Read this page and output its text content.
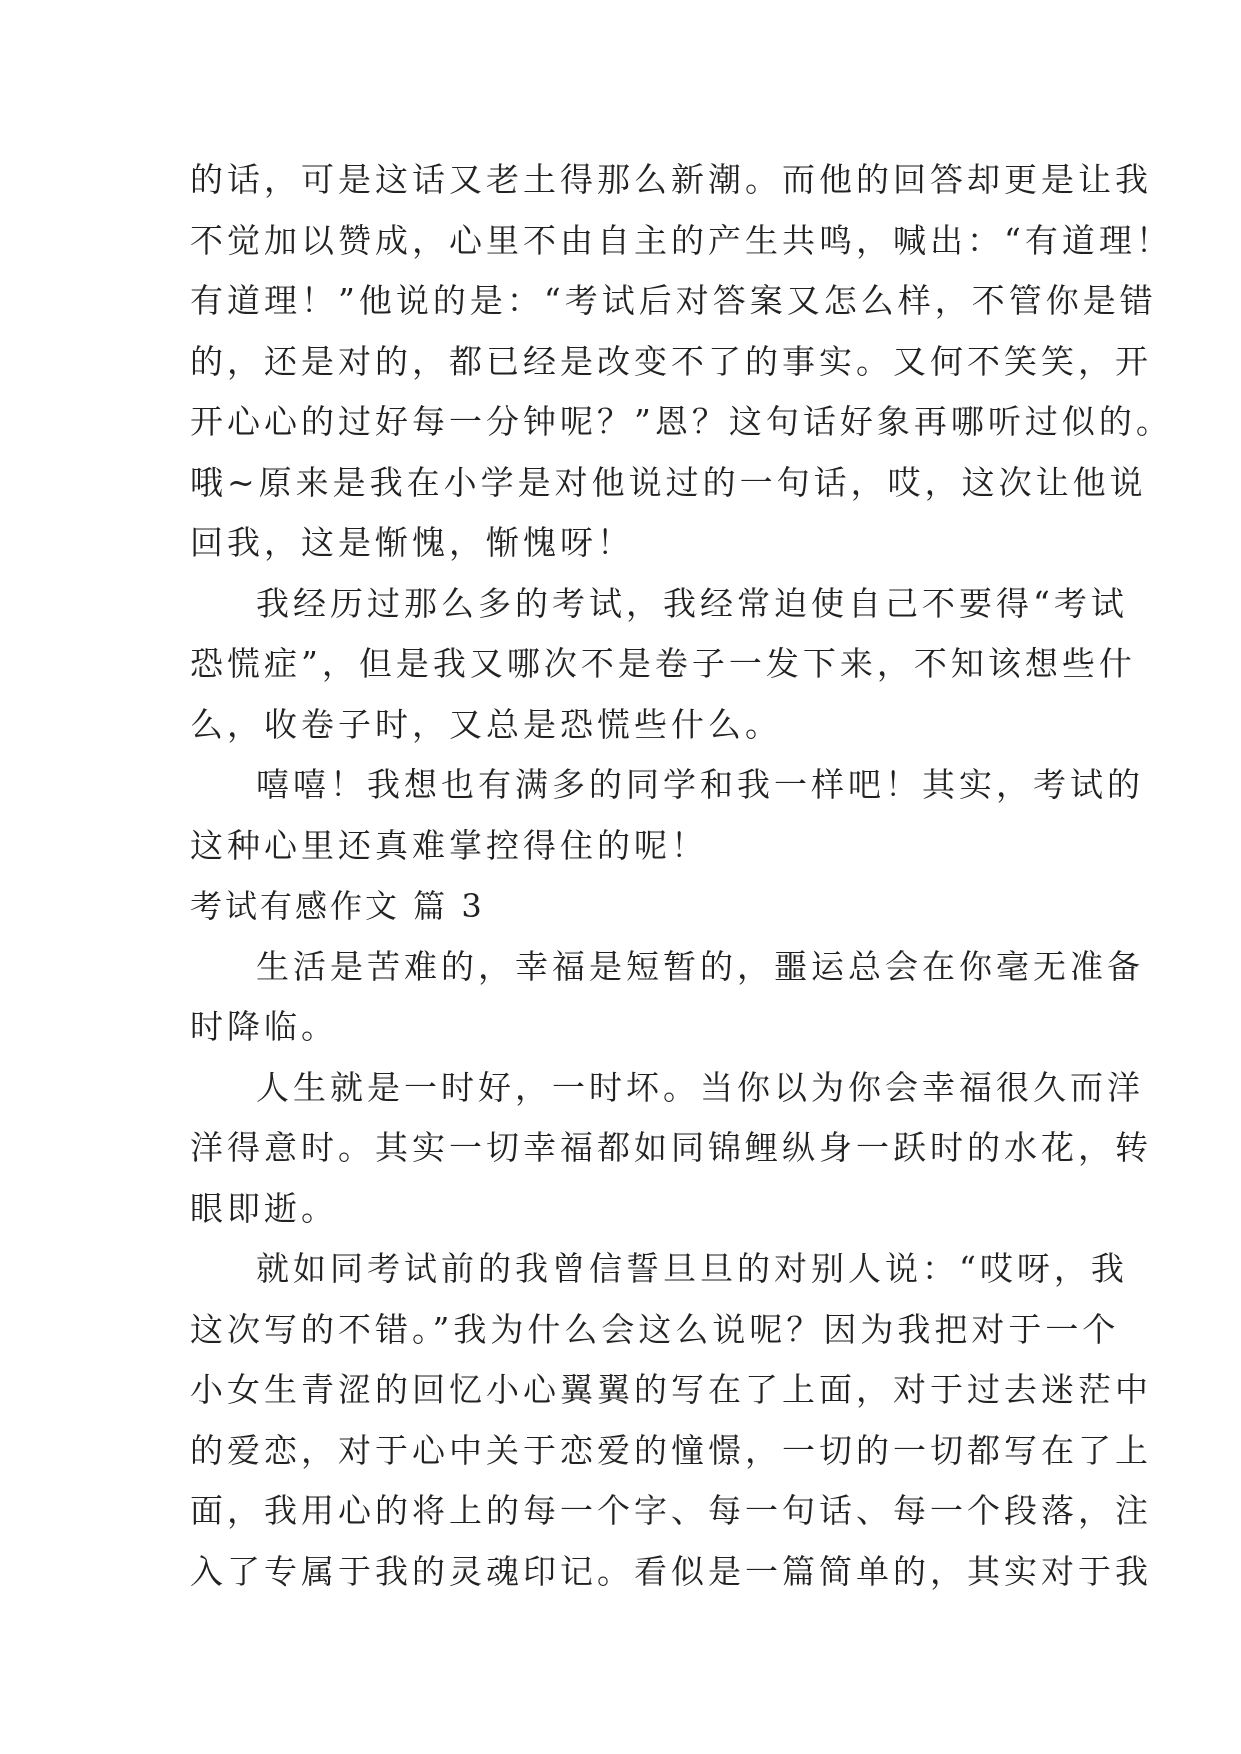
的话，可是这话又老土得那么新潮。而他的回答却更是让我
不觉加以赞成，心里不由自主的产生共鸣，喊出：“有道理！
有道理！”他说的是：“考试后对答案又怎么样，不管你是错
的，还是对的，都已经是改变不了的事实。又何不笑笑，开
开心心的过好每一分钟呢？”恩？这句话好象再哪听过似的。
哦~原来是我在小学是对他说过的一句话，哎，这次让他说
回我，这是惭愧，惭愧呀！
我经历过那么多的考试，我经常迫使自己不要得“考试
恐慌症”，但是我又哪次不是卷子一发下来，不知该想些什
么，收卷子时，又总是恐慌些什么。
嘻嘻！我想也有满多的同学和我一样吧！其实，考试的
这种心里还真难掌控得住的呢！
考试有感作文 篇 3
生活是苦难的，幸福是短暂的，噩运总会在你毫无准备
时降临。
人生就是一时好，一时坏。当你以为你会幸福很久而洋
洋得意时。其实一切幸福都如同锦鲤纵身一跃时的水花，转
眼即逝。
就如同考试前的我曾信誓旦旦的对别人说：“哎呀，我
这次写的不错。”我为什么会这么说呢？因为我把对于一个
小女生青涩的回忆小心翼翼的写在了上面，对于过去迷茫中
的爱恋，对于心中关于恋爱的憧憬，一切的一切都写在了上
面，我用心的将上的每一个字、每一句话、每一个段落，注
入了专属于我的灵魂印记。看似是一篇简单的，其实对于我
